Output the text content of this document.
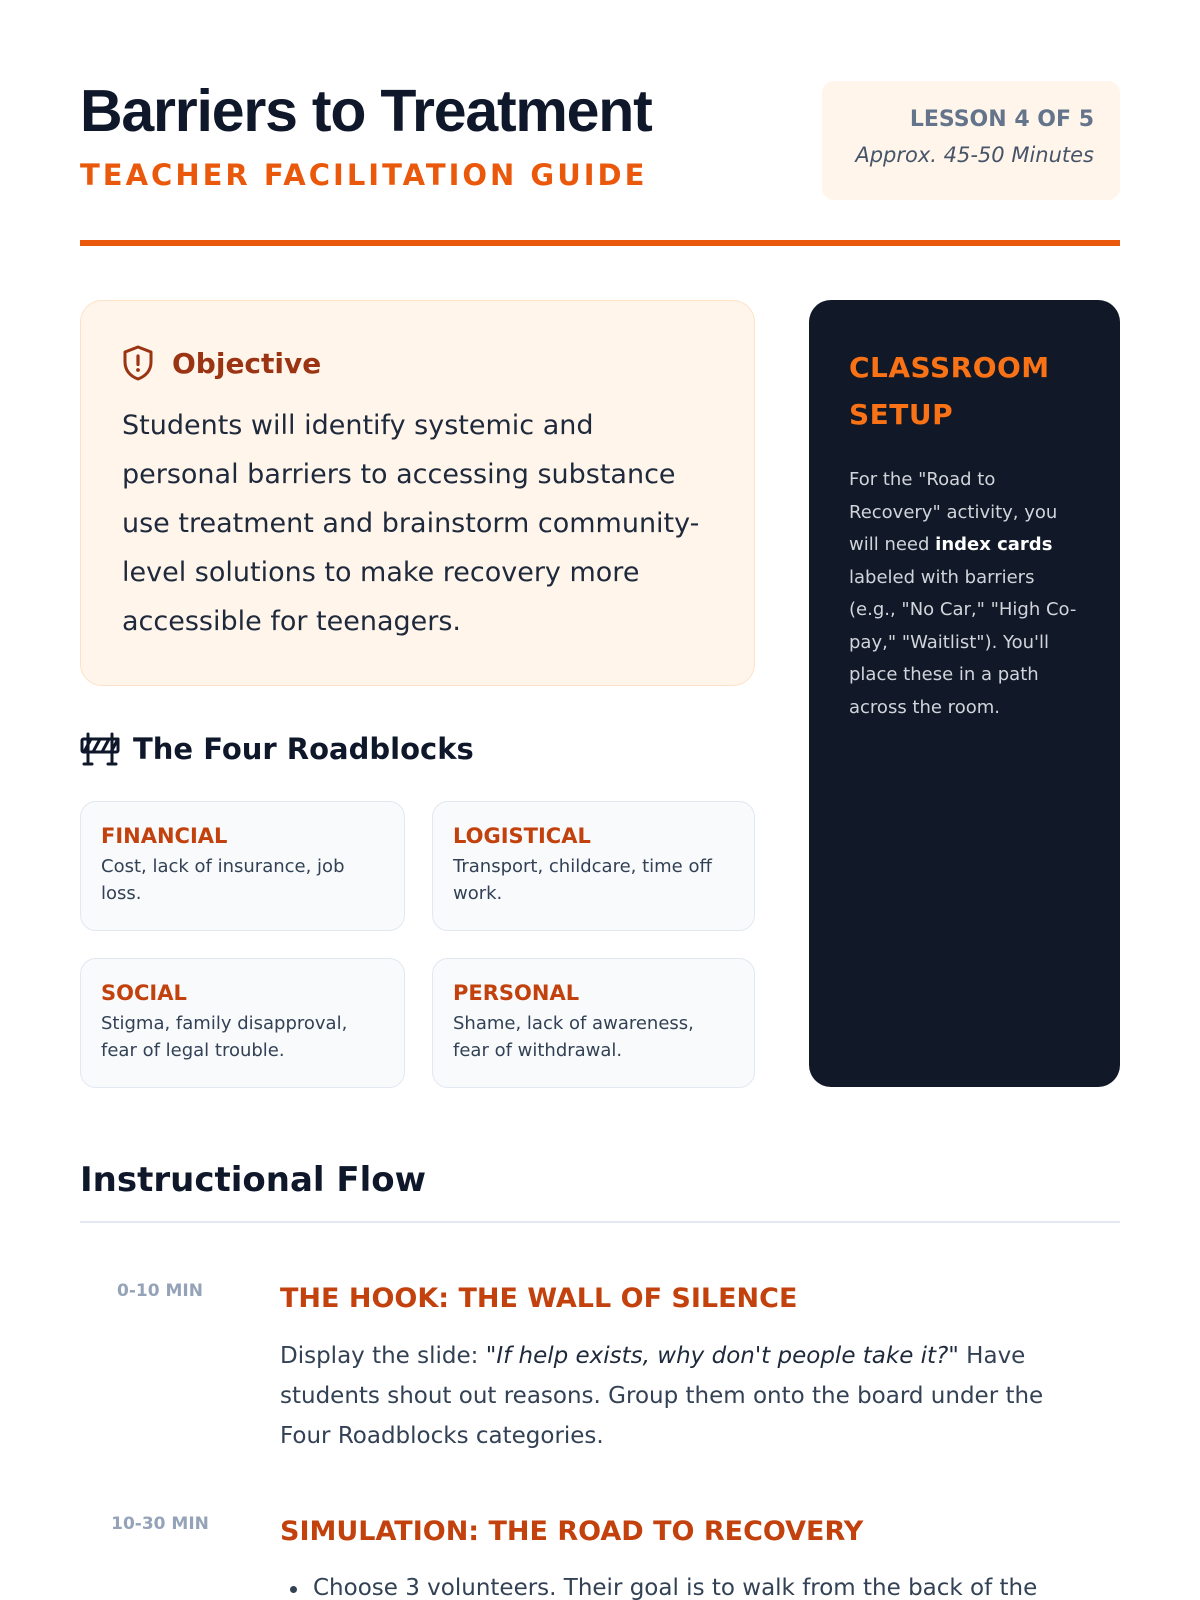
Barriers to Treatment
TEACHER FACILITATION GUIDE
LESSON 4 OF 5
Approx. 45-50 Minutes
Objective

Students will identify systemic and personal barriers to accessing substance use treatment and brainstorm community-level solutions to make recovery more accessible for teenagers.

The Four Roadblocks
FINANCIAL
Cost, lack of insurance, job loss.
LOGISTICAL
Transport, childcare, time off work.
SOCIAL
Stigma, family disapproval, fear of legal trouble.
PERSONAL
Shame, lack of awareness, fear of withdrawal.
CLASSROOM SETUP

For the "Road to Recovery" activity, you will need index cards labeled with barriers (e.g., "No Car," "High Co-pay," "Waitlist"). You'll place these in a path across the room.

Instructional Flow
0-10 MIN	THE HOOK: THE WALL OF SILENCE

Display the slide: "If help exists, why don't people take it?" Have students shout out reasons. Group them onto the board under the Four Roadblocks categories.

10-30 MIN	SIMULATION: THE ROAD TO RECOVERY
Choose 3 volunteers. Their goal is to walk from the back of the
